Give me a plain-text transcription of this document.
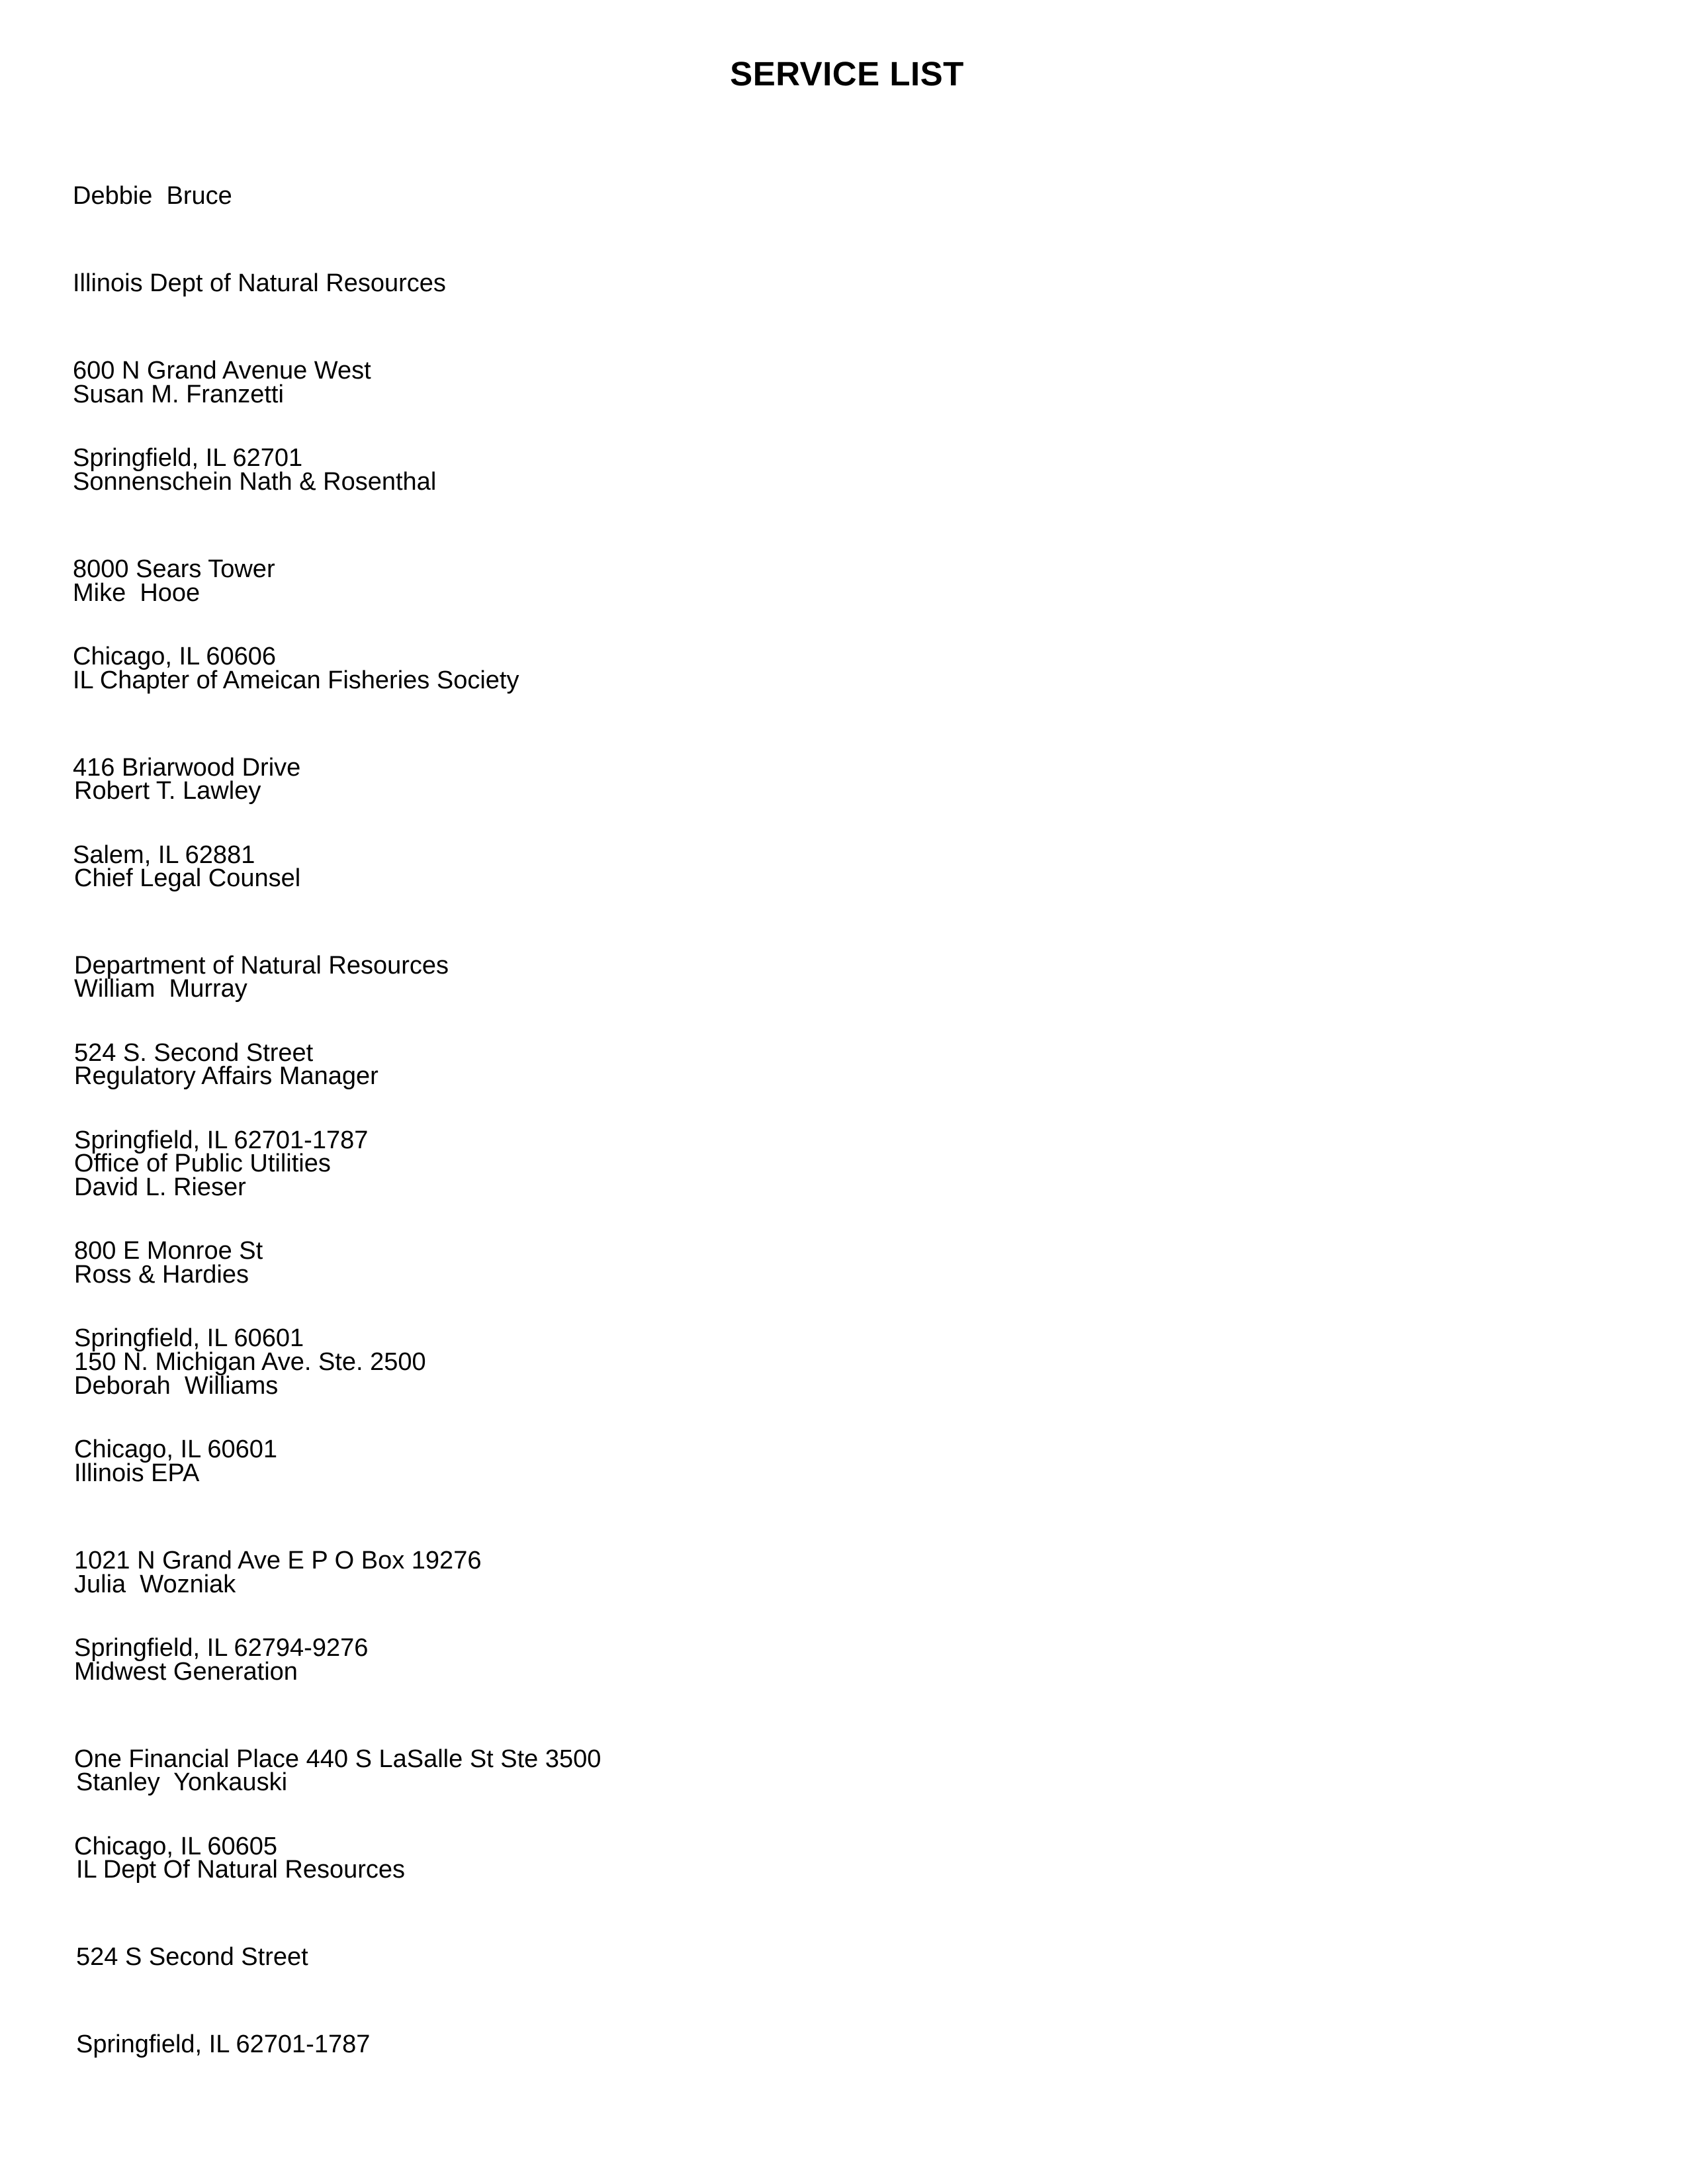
SERVICE LIST

Debbie  Bruce

Illinois Dept of Natural Resources

600 N Grand Avenue West

Springfield, IL 62701

Susan M. Franzetti

Sonnenschein Nath & Rosenthal

8000 Sears Tower

Chicago, IL 60606

Mike  Hooe

IL Chapter of Ameican Fisheries Society

416 Briarwood Drive

Salem, IL 62881

Robert T. Lawley

Chief Legal Counsel

Department of Natural Resources

524 S. Second Street

Springfield, IL 62701-1787

William  Murray

Regulatory Affairs Manager

Office of Public Utilities

800 E Monroe St

Springfield, IL 60601

David L. Rieser

Ross & Hardies

150 N. Michigan Ave. Ste. 2500

Chicago, IL 60601

Deborah  Williams

Illinois EPA

1021 N Grand Ave E P O Box 19276

Springfield, IL 62794-9276

Julia  Wozniak

Midwest Generation

One Financial Place 440 S LaSalle St Ste 3500

Chicago, IL 60605

Stanley  Yonkauski

IL Dept Of Natural Resources

524 S Second Street

Springfield, IL 62701-1787
